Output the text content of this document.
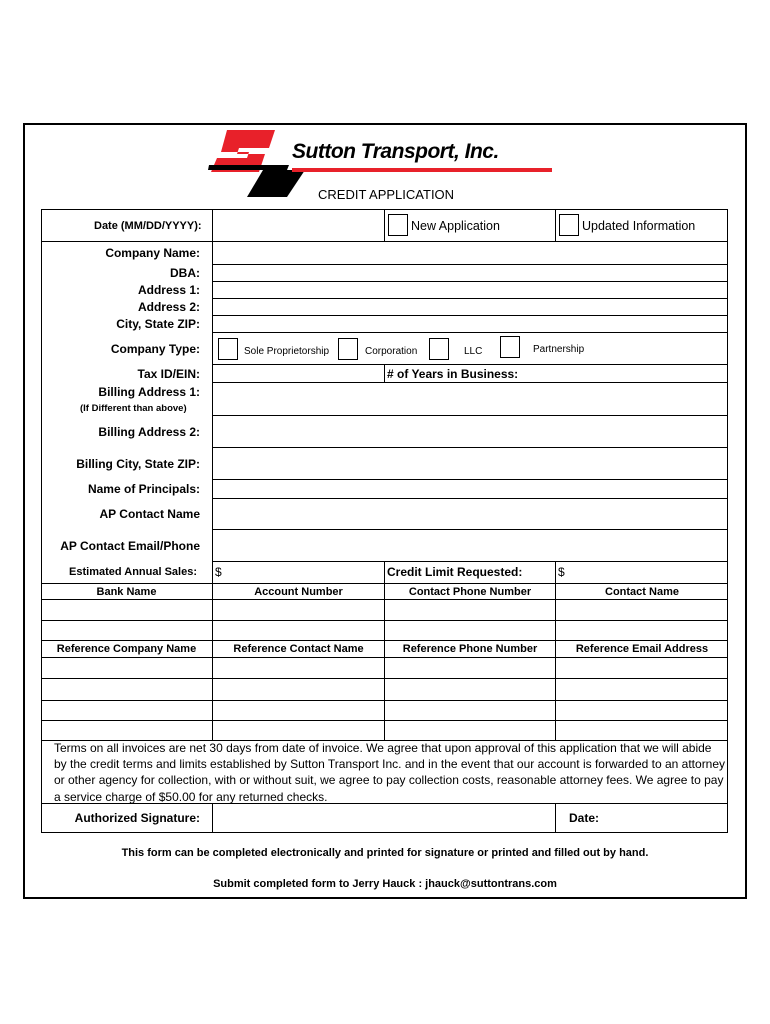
Sutton Transport, Inc.
CREDIT APPLICATION
Date (MM/DD/YYYY):	New Application	Updated Information
Company Name:
DBA:
Address 1:
Address 2:
City, State ZIP:
Company Type:	Sole Proprietorship	Corporation	LLC	Partnership
Tax ID/EIN:	# of Years in Business:
Billing Address 1:
(If Different than above)
Billing Address 2:
Billing City, State ZIP:
Name of Principals:
AP Contact Name
AP Contact Email/Phone
Estimated Annual Sales: $	Credit Limit Requested:	$
Bank Name	Account Number	Contact Phone Number	Contact Name
Reference Company Name	Reference Contact Name	Reference Phone Number	Reference Email Address
Terms on all invoices are net 30 days from date of invoice. We agree that upon approval of this application that we will abide by the credit terms and limits established by Sutton Transport Inc. and in the event that our account is forwarded to an attorney or other agency for collection, with or without suit, we agree to pay collection costs, reasonable attorney fees. We agree to pay a service charge of $50.00 for any returned checks.
Authorized Signature:	Date:
This form can be completed electronically and printed for signature or printed and filled out by hand.
Submit completed form to Jerry Hauck : jhauck@suttontrans.com
